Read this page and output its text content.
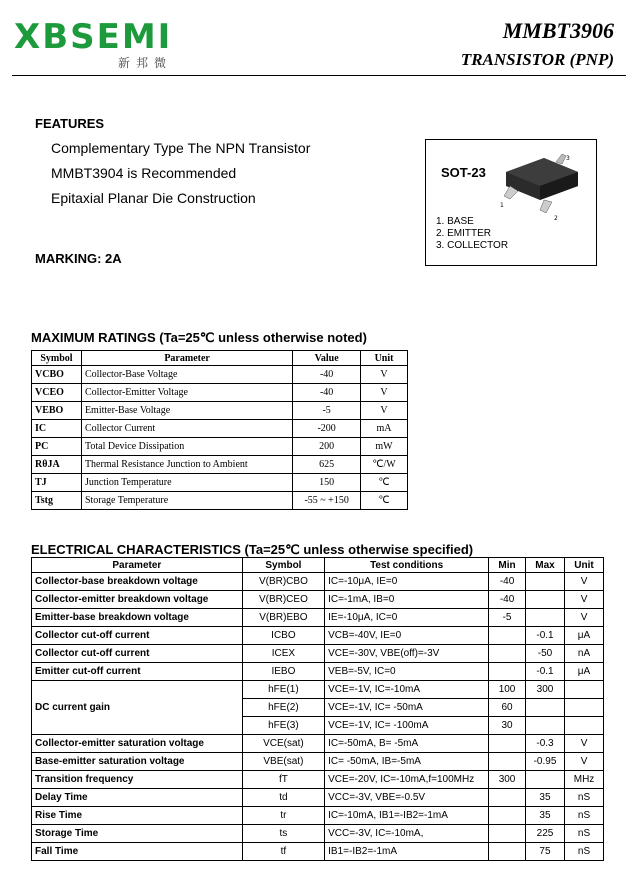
XBSEMI
新邦微
MMBT3906
TRANSISTOR (PNP)
FEATURES
Complementary Type The NPN Transistor
MMBT3904 is Recommended
Epitaxial Planar Die Construction
MARKING: 2A
SOT-23
1
2
3
1. BASE
2. EMITTER
3. COLLECTOR
MAXIMUM RATINGS (Ta=25℃ unless otherwise noted)
Symbol	Parameter	Value	Unit
VCBO	Collector-Base Voltage	-40	V
VCEO	Collector-Emitter Voltage	-40	V
VEBO	Emitter-Base Voltage	-5	V
IC	Collector Current	-200	mA
PC	Total Device Dissipation	200	mW
RθJA	Thermal Resistance Junction to Ambient	625	℃/W
TJ	Junction Temperature	150	℃
Tstg	Storage Temperature	-55 ~ +150	℃
ELECTRICAL CHARACTERISTICS (Ta=25℃ unless otherwise specified)
Parameter	Symbol	Test conditions	Min	Max	Unit
Collector-base breakdown voltage	V(BR)CBO	IC=-10μA, IE=0	-40		V
Collector-emitter breakdown voltage	V(BR)CEO	IC=-1mA, IB=0	-40		V
Emitter-base breakdown voltage	V(BR)EBO	IE=-10μA, IC=0	-5		V
Collector cut-off current	ICBO	VCB=-40V, IE=0		-0.1	μA
Collector cut-off current	ICEX	VCE=-30V, VBE(off)=-3V		-50	nA
Emitter cut-off current	IEBO	VEB=-5V, IC=0		-0.1	μA
DC current gain	hFE(1)	VCE=-1V, IC=-10mA	100	300	
	hFE(2)	VCE=-1V, IC= -50mA	60		
	hFE(3)	VCE=-1V, IC= -100mA	30		
Collector-emitter saturation voltage	VCE(sat)	IC=-50mA, B= -5mA		-0.3	V
Base-emitter saturation voltage	VBE(sat)	IC= -50mA, IB=-5mA		-0.95	V
Transition frequency	fT	VCE=-20V, IC=-10mA,f=100MHz	300		MHz
Delay Time	td	VCC=-3V, VBE=-0.5V		35	nS
Rise Time	tr	IC=-10mA, IB1=-IB2=-1mA		35	nS
Storage Time	ts	VCC=-3V, IC=-10mA,		225	nS
Fall Time	tf	IB1=-IB2=-1mA		75	nS
